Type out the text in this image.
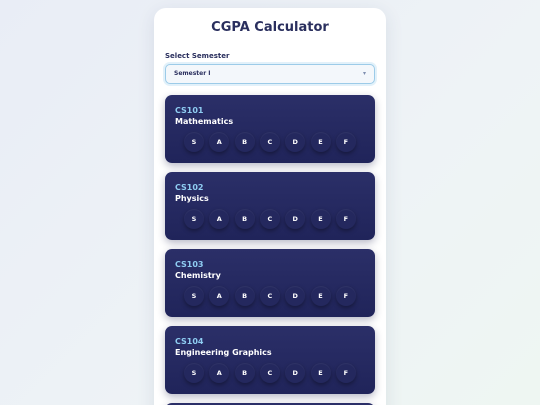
CGPA Calculator
Select Semester
Semester I	▾
CS101
Mathematics
S	A	B	C	D	E	F
CS102
Physics
S	A	B	C	D	E	F
CS103
Chemistry
S	A	B	C	D	E	F
CS104
Engineering Graphics
S	A	B	C	D	E	F
